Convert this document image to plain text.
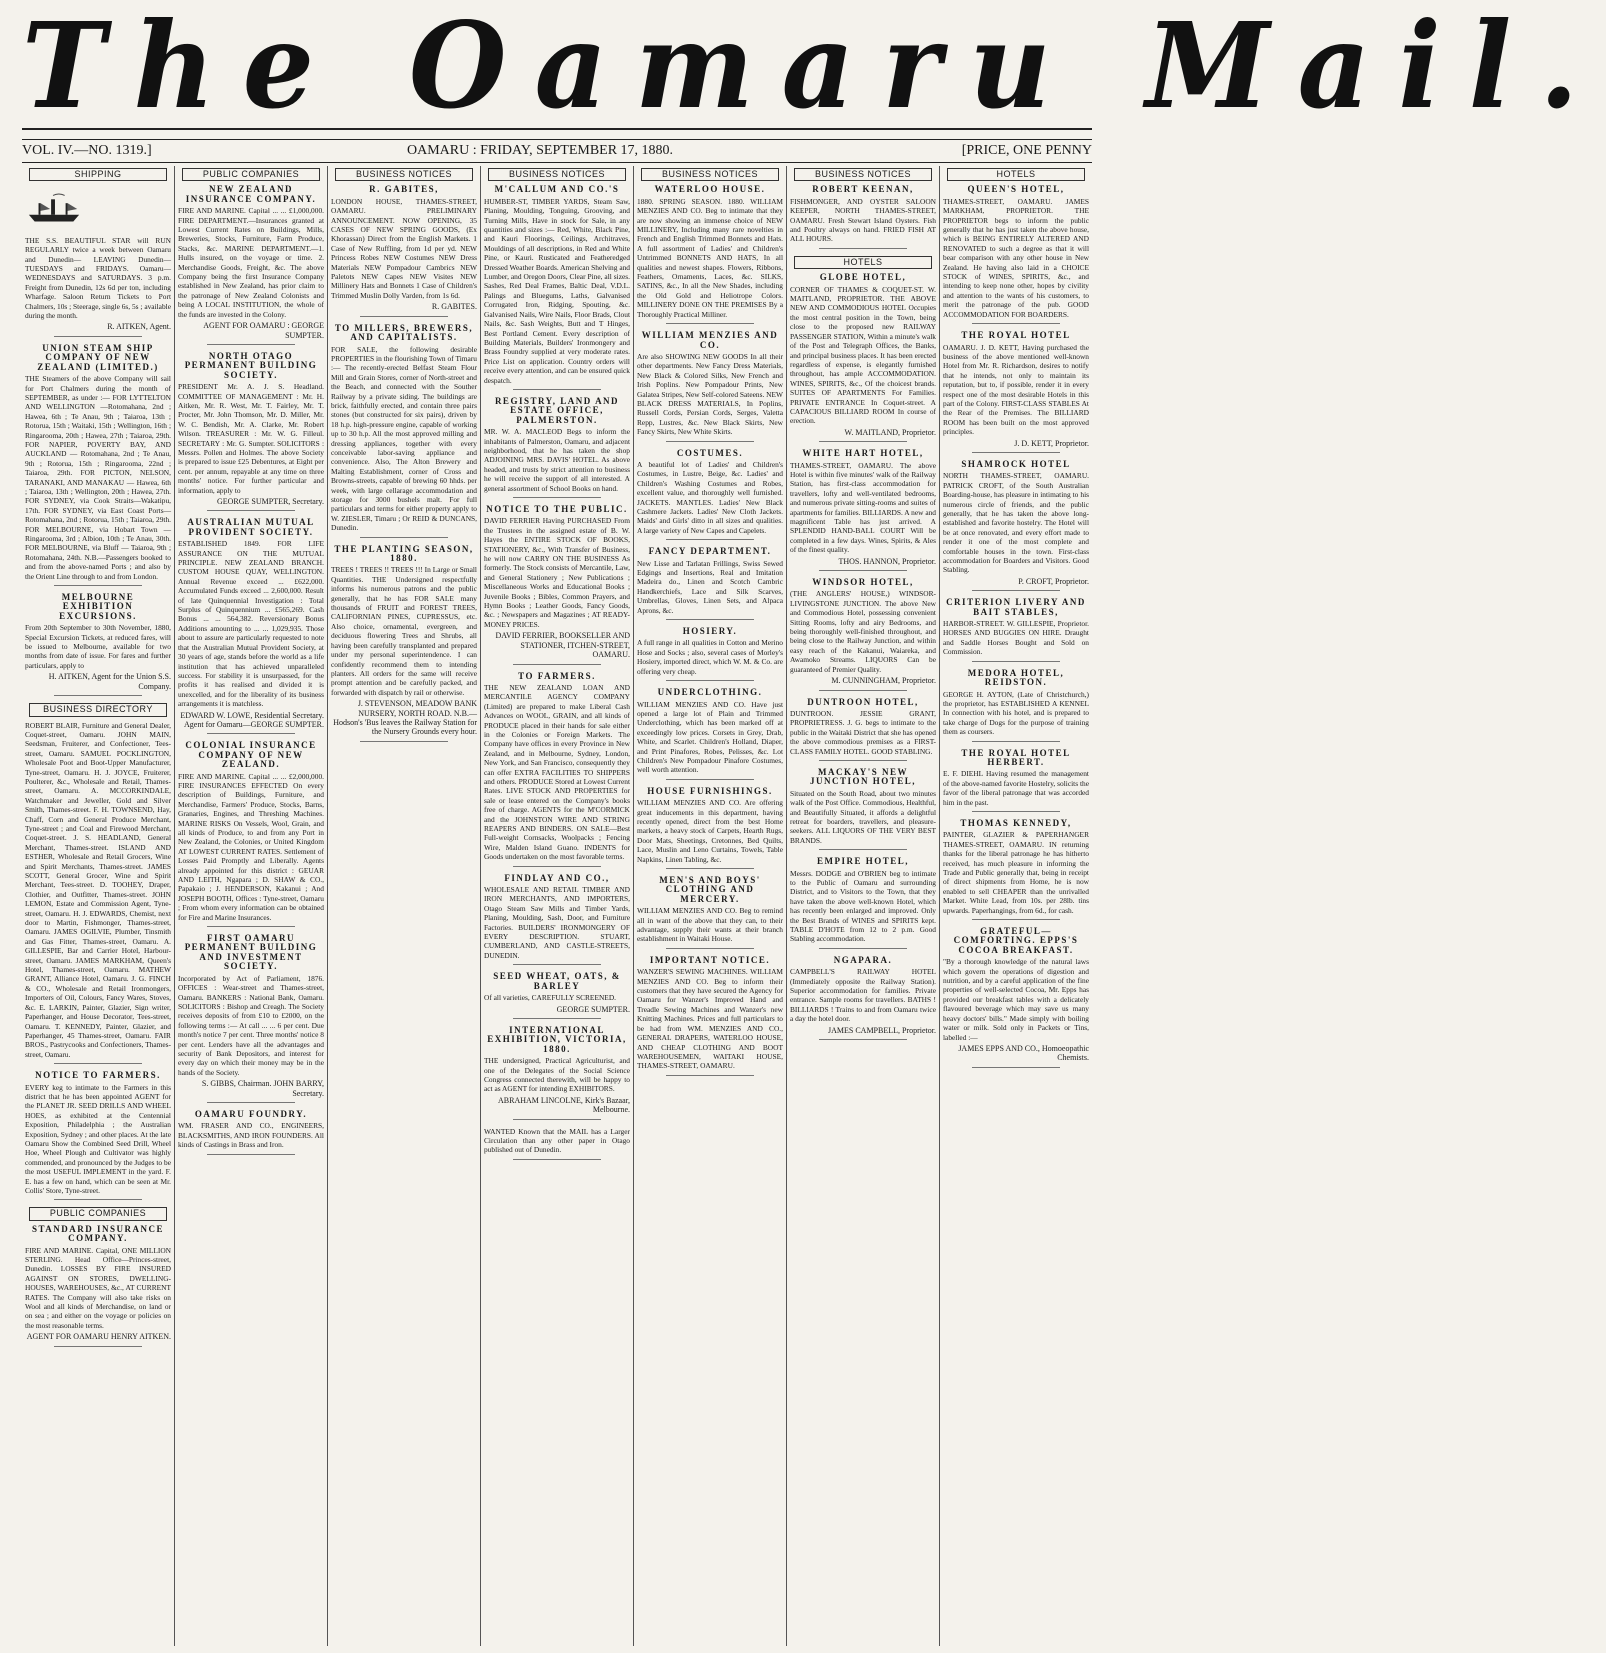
The Oamaru Mail.
VOL. IV.—NO. 1319.]	OAMARU : FRIDAY, SEPTEMBER 17, 1880.	[PRICE, ONE PENNY
SHIPPING
THE S.S. BEAUTIFUL STAR will RUN REGULARLY twice a week between Oamaru and Dunedin— LEAVING Dunedin— TUESDAYS and FRIDAYS. Oamaru— WEDNESDAYS and SATURDAYS. 3 p.m. Freight from Dunedin, 12s 6d per ton, including Wharfage. Saloon Return Tickets to Port Chalmers, 10s ; Steerage, single 6s, 5s ; available during the month.
R. AITKEN, Agent.
UNION STEAM SHIP COMPANY OF NEW ZEALAND (LIMITED.)
THE Steamers of the above Company will sail for Port Chalmers during the month of SEPTEMBER, as under :— FOR LYTTELTON AND WELLINGTON —Rotomahana, 2nd ; Hawea, 6th ; Te Anau, 9th ; Taiaroa, 13th ; Rotorua, 15th ; Waitaki, 15th ; Wellington, 16th ; Ringarooma, 20th ; Hawea, 27th ; Taiaroa, 29th. FOR NAPIER, POVERTY BAY, AND AUCKLAND — Rotomahana, 2nd ; Te Anau, 9th ; Rotorua, 15th ; Ringarooma, 22nd ; Taiaroa, 29th. FOR PICTON, NELSON, TARANAKI, AND MANAKAU — Hawea, 6th ; Taiaroa, 13th ; Wellington, 20th ; Hawea, 27th. FOR SYDNEY, via Cook Straits—Wakatipu, 17th. FOR SYDNEY, via East Coast Ports—Rotomahana, 2nd ; Rotorua, 15th ; Taiaroa, 29th. FOR MELBOURNE, via Hobart Town — Ringarooma, 3rd ; Albion, 10th ; Te Anau, 30th. FOR MELBOURNE, via Bluff — Taiaroa, 9th ; Rotomahana, 24th. N.B.—Passengers booked to and from the above-named Ports ; and also by the Orient Line through to and from London.
MELBOURNE EXHIBITION EXCURSIONS.
From 20th September to 30th November, 1880, Special Excursion Tickets, at reduced fares, will be issued to Melbourne, available for two months from date of issue. For fares and further particulars, apply to
H. AITKEN, Agent for the Union S.S. Company.
BUSINESS DIRECTORY
ROBERT BLAIR, Furniture and General Dealer, Coquet-street, Oamaru. JOHN MAIN, Seedsman, Fruiterer, and Confectioner, Tees-street, Oamaru. SAMUEL POCKLINGTON, Wholesale Poot and Boot-Upper Manufacturer, Tyne-street, Oamaru. H. J. JOYCE, Fruiterer, Poulterer, &c., Wholesale and Retail, Thames-street, Oamaru. A. MCCORKINDALE, Watchmaker and Jeweller, Gold and Silver Smith, Thames-street. F. H. TOWNSEND, Hay, Chaff, Corn and General Produce Merchant, Tyne-street ; and Coal and Firewood Merchant, Coquet-street. J. S. HEADLAND, General Merchant, Thames-street. ISLAND AND ESTHER, Wholesale and Retail Grocers, Wine and Spirit Merchants, Thames-street. JAMES SCOTT, General Grocer, Wine and Spirit Merchant, Tees-street. D. TOOHEY, Draper, Clothier, and Outfitter, Thames-street. JOHN LEMON, Estate and Commission Agent, Tyne-street, Oamaru. H. J. EDWARDS, Chemist, next door to Martin, Fishmonger, Thames-street, Oamaru. JAMES OGILVIE, Plumber, Tinsmith and Gas Fitter, Thames-street, Oamaru. A. GILLESPIE, Bar and Carrier Hotel, Harbour-street, Oamaru. JAMES MARKHAM, Queen's Hotel, Thames-street, Oamaru. MATHEW GRANT, Alliance Hotel, Oamaru. J. G. FINCH & CO., Wholesale and Retail Ironmongers, Importers of Oil, Colours, Fancy Wares, Stoves, &c. E. LARKIN, Painter, Glazier, Sign writer, Paperhanger, and House Decorator, Tees-street, Oamaru. T. KENNEDY, Painter, Glazier, and Paperhanger, 45 Thames-street, Oamaru. FAIR BROS., Pastrycooks and Confectioners, Thames-street, Oamaru.
NOTICE TO FARMERS.
EVERY keg to intimate to the Farmers in this district that he has been appointed AGENT for the PLANET JR. SEED DRILLS AND WHEEL HOES, as exhibited at the Centennial Exposition, Philadelphia ; the Australian Exposition, Sydney ; and other places. At the late Oamaru Show the Combined Seed Drill, Wheel Hoe, Wheel Plough and Cultivator was highly commended, and pronounced by the Judges to be the most USEFUL IMPLEMENT in the yard. F. E. has a few on hand, which can be seen at Mr. Collis' Store, Tyne-street.
PUBLIC COMPANIES
STANDARD INSURANCE COMPANY.
FIRE AND MARINE. Capital, ONE MILLION STERLING. Head Office—Princes-street, Dunedin. LOSSES BY FIRE INSURED AGAINST ON STORES, DWELLING-HOUSES, WAREHOUSES, &c., AT CURRENT RATES. The Company will also take risks on Wool and all kinds of Merchandise, on land or on sea ; and either on the voyage or policies on the most reasonable terms.
AGENT FOR OAMARU HENRY AITKEN.
PUBLIC COMPANIES
NEW ZEALAND INSURANCE COMPANY.
FIRE AND MARINE. Capital ... ... £1,000,000. FIRE DEPARTMENT.—Insurances granted at Lowest Current Rates on Buildings, Mills, Breweries, Stocks, Furniture, Farm Produce, Stacks, &c. MARINE DEPARTMENT.—1. Hulls insured, on the voyage or time. 2. Merchandise Goods, Freight, &c. The above Company being the first Insurance Company established in New Zealand, has prior claim to the patronage of New Zealand Colonists and being A LOCAL INSTITUTION, the whole of the funds are invested in the Colony.
AGENT FOR OAMARU : GEORGE SUMPTER.
NORTH OTAGO PERMANENT BUILDING SOCIETY.
PRESIDENT Mr. A. J. S. Headland. COMMITTEE OF MANAGEMENT : Mr. H. Aitken, Mr. R. West, Mr. T. Fairley, Mr. T. Procter, Mr. John Thomson, Mr. D. Miller, Mr. W. C. Bendish, Mr. A. Clarke, Mr. Robert Wilson. TREASURER : Mr. W. G. Filleul. SECRETARY : Mr. G. Sumpter. SOLICITORS : Messrs. Pollen and Holmes. The above Society is prepared to issue £25 Debentures, at Eight per cent. per annum, repayable at any time on three months' notice. For further particular and information, apply to
GEORGE SUMPTER, Secretary.
AUSTRALIAN MUTUAL PROVIDENT SOCIETY.
ESTABLISHED 1849. FOR LIFE ASSURANCE ON THE MUTUAL PRINCIPLE. NEW ZEALAND BRANCH. CUSTOM HOUSE QUAY, WELLINGTON. Annual Revenue exceed ... £622,000. Accumulated Funds exceed ... 2,600,000. Result of late Quinquennial Investigation : Total Surplus of Quinquennium ... £565,269. Cash Bonus ... ... 564,382. Reversionary Bonus Additions amounting to ... ... 1,029,935. Those about to assure are particularly requested to note that the Australian Mutual Provident Society, at 30 years of age, stands before the world as a life institution that has achieved unparalleled success. For stability it is unsurpassed, for the profits it has realised and divided it is unexcelled, and for the liberality of its business arrangements it is matchless.
EDWARD W. LOWE, Residential Secretary. Agent for Oamaru—GEORGE SUMPTER.
COLONIAL INSURANCE COMPANY OF NEW ZEALAND.
FIRE AND MARINE. Capital ... ... £2,000,000. FIRE INSURANCES EFFECTED On every description of Buildings, Furniture, and Merchandise, Farmers' Produce, Stocks, Barns, Granaries, Engines, and Threshing Machines. MARINE RISKS On Vessels, Wool, Grain, and all kinds of Produce, to and from any Port in New Zealand, the Colonies, or United Kingdom AT LOWEST CURRENT RATES. Settlement of Losses Paid Promptly and Liberally. Agents already appointed for this district : GEUAR AND LEITH, Ngapara ; D. SHAW & CO., Papakaio ; J. HENDERSON, Kakanui ; And JOSEPH BOOTH, Offices : Tyne-street, Oamaru ; From whom every information can be obtained for Fire and Marine Insurances.
FIRST OAMARU PERMANENT BUILDING AND INVESTMENT SOCIETY.
Incorporated by Act of Parliament, 1876. OFFICES : Wear-street and Thames-street, Oamaru. BANKERS : National Bank, Oamaru. SOLICITORS : Bishop and Creagh. The Society receives deposits of from £10 to £2000, on the following terms :— At call ... ... 6 per cent. Due month's notice 7 per cent. Three months' notice 8 per cent. Lenders have all the advantages and security of Bank Depositors, and interest for every day on which their money may be in the hands of the Society.
S. GIBBS, Chairman. JOHN BARRY, Secretary.
OAMARU FOUNDRY.
WM. FRASER AND CO., ENGINEERS, BLACKSMITHS, AND IRON FOUNDERS. All kinds of Castings in Brass and Iron.
BUSINESS NOTICES
R. GABITES,
LONDON HOUSE, THAMES-STREET, OAMARU. PRELIMINARY ANNOUNCEMENT. NOW OPENING, 35 CASES OF NEW SPRING GOODS, (Ex Khorassan) Direct from the English Markets. 1 Case of New Ruffling, from 1d per yd. NEW Princess Robes NEW Costumes NEW Dress Materials NEW Pompadour Cambrics NEW Paletots NEW Capes NEW Visites NEW Millinery Hats and Bonnets 1 Case of Children's Trimmed Muslin Dolly Varden, from 1s 6d.
R. GABITES.
TO MILLERS, BREWERS, AND CAPITALISTS.
FOR SALE, the following desirable PROPERTIES in the flourishing Town of Timaru :— The recently-erected Belfast Steam Flour Mill and Grain Stores, corner of North-street and the Beach, and connected with the Souther Railway by a private siding. The buildings are brick, faithfully erected, and contain three pairs stones (but constructed for six pairs), driven by 18 h.p. high-pressure engine, capable of working up to 30 h.p. All the most approved milling and dressing appliances, together with every conceivable labor-saving appliance and convenience. Also, The Alton Brewery and Malting Establishment, corner of Cross and Browns-streets, capable of brewing 60 hhds. per week, with large cellarage accommodation and storage for 3000 bushels malt. For full particulars and terms for either property apply to W. ZIESLER, Timaru ; Or REID & DUNCANS, Dunedin.
THE PLANTING SEASON, 1880.
TREES ! TREES !! TREES !!! In Large or Small Quantities. THE Undersigned respectfully informs his numerous patrons and the public generally, that he has FOR SALE many thousands of FRUIT and FOREST TREES, CALIFORNIAN PINES, CUPRESSUS, etc. Also choice, ornamental, evergreen, and deciduous flowering Trees and Shrubs, all having been carefully transplanted and prepared under my personal superintendence. I can confidently recommend them to intending planters. All orders for the same will receive prompt attention and be carefully packed, and forwarded with dispatch by rail or otherwise.
J. STEVENSON, MEADOW BANK NURSERY, NORTH ROAD. N.B.—Hodson's 'Bus leaves the Railway Station for the Nursery Grounds every hour.
BUSINESS NOTICES
M'CALLUM AND CO.'S
HUMBER-ST, TIMBER YARDS, Steam Saw, Planing, Moulding, Tonguing, Grooving, and Turning Mills, Have in stock for Sale, in any quantities and sizes :— Red, White, Black Pine, and Kauri Floorings, Ceilings, Architraves, Mouldings of all descriptions, in Red and White Pine, or Kauri. Rusticated and Featheredged Dressed Weather Boards. American Shelving and Lumber, and Oregon Doors, Clear Pine, all sizes. Sashes, Red Deal Frames, Baltic Deal, V.D.L. Palings and Bluegums, Laths, Galvanised Corrugated Iron, Ridging, Spouting, &c. Galvanised Nails, Wire Nails, Floor Brads, Clout Nails, &c. Sash Weights, Butt and T Hinges, Best Portland Cement. Every description of Building Materials, Builders' Ironmongery and Brass Foundry supplied at very moderate rates. Price List on application. Country orders will receive every attention, and can be ensured quick despatch.
REGISTRY, LAND AND ESTATE OFFICE, PALMERSTON.
MR. W. A. MACLEOD Begs to inform the inhabitants of Palmerston, Oamaru, and adjacent neighborhood, that he has taken the shop ADJOINING MRS. DAVIS' HOTEL. As above headed, and trusts by strict attention to business he will receive the support of all interested. A general assortment of School Books on hand.
NOTICE TO THE PUBLIC.
DAVID FERRIER Having PURCHASED From the Trustees in the assigned estate of B. W. Hayes the ENTIRE STOCK OF BOOKS, STATIONERY, &c., With Transfer of Business, he will now CARRY ON THE BUSINESS As formerly. The Stock consists of Mercantile, Law, and General Stationery ; New Publications ; Miscellaneous Works and Educational Books ; Juvenile Books ; Bibles, Common Prayers, and Hymn Books ; Leather Goods, Fancy Goods, &c. ; Newspapers and Magazines ; AT READY-MONEY PRICES.
DAVID FERRIER, BOOKSELLER AND STATIONER, ITCHEN-STREET, OAMARU.
TO FARMERS.
THE NEW ZEALAND LOAN AND MERCANTILE AGENCY COMPANY (Limited) are prepared to make Liberal Cash Advances on WOOL, GRAIN, and all kinds of PRODUCE placed in their hands for sale either in the Colonies or Foreign Markets. The Company have offices in every Province in New Zealand, and in Melbourne, Sydney, London, New York, and San Francisco, consequently they can offer EXTRA FACILITIES TO SHIPPERS and others. PRODUCE Stored at Lowest Current Rates. LIVE STOCK AND PROPERTIES for sale or lease entered on the Company's books free of charge. AGENTS for the M'CORMICK and the JOHNSTON WIRE AND STRING REAPERS AND BINDERS. ON SALE—Best Full-weight Cornsacks, Woolpacks ; Fencing Wire, Malden Island Guano. INDENTS for Goods undertaken on the most favorable terms.
FINDLAY AND CO.,
WHOLESALE AND RETAIL TIMBER AND IRON MERCHANTS, AND IMPORTERS, Otago Steam Saw Mills and Timber Yards, Planing, Moulding, Sash, Door, and Furniture Factories. BUILDERS' IRONMONGERY OF EVERY DESCRIPTION. STUART, CUMBERLAND, AND CASTLE-STREETS, DUNEDIN.
SEED WHEAT, OATS, & BARLEY
Of all varieties, CAREFULLY SCREENED.
GEORGE SUMPTER.
INTERNATIONAL EXHIBITION, VICTORIA, 1880.
THE undersigned, Practical Agriculturist, and one of the Delegates of the Social Science Congress connected therewith, will be happy to act as AGENT for intending EXHIBITORS.
ABRAHAM LINCOLNE, Kirk's Bazaar, Melbourne.
WANTED Known that the MAIL has a Larger Circulation than any other paper in Otago published out of Dunedin.
BUSINESS NOTICES
WATERLOO HOUSE.
1880. SPRING SEASON. 1880. WILLIAM MENZIES AND CO. Beg to intimate that they are now showing an immense choice of NEW MILLINERY, Including many rare novelties in French and English Trimmed Bonnets and Hats. A full assortment of Ladies' and Children's Untrimmed BONNETS AND HATS, In all qualities and newest shapes. Flowers, Ribbons, Feathers, Ornaments, Laces, &c. SILKS, SATINS, &c., In all the New Shades, including the Old Gold and Heliotrope Colors. MILLINERY DONE ON THE PREMISES By a Thoroughly Practical Milliner.
WILLIAM MENZIES AND CO.
Are also SHOWING NEW GOODS In all their other departments. New Fancy Dress Materials, New Black & Colored Silks, New French and Irish Poplins. New Pompadour Prints, New Galatea Stripes, New Self-colored Sateens. NEW BLACK DRESS MATERIALS, In Poplins, Russell Cords, Persian Cords, Serges, Valetta Repp, Lustres, &c. New Black Skirts, New Fancy Skirts, New White Skirts.
COSTUMES.
A beautiful lot of Ladies' and Children's Costumes, in Lustre, Beige, &c. Ladies' and Children's Washing Costumes and Robes, excellent value, and thoroughly well furnished. JACKETS. MANTLES. Ladies' New Black Cashmere Jackets. Ladies' New Cloth Jackets. Maids' and Girls' ditto in all sizes and qualities. A large variety of New Capes and Capelets.
FANCY DEPARTMENT.
New Lisse and Tarlatan Frillings, Swiss Sewed Edgings and Insertions, Real and Imitation Madeira do., Linen and Scotch Cambric Handkerchiefs, Lace and Silk Scarves, Umbrellas, Gloves, Linen Sets, and Alpaca Aprons, &c.
HOSIERY.
A full range in all qualities in Cotton and Merino Hose and Socks ; also, several cases of Morley's Hosiery, imported direct, which W. M. & Co. are offering very cheap.
UNDERCLOTHING.
WILLIAM MENZIES AND CO. Have just opened a large lot of Plain and Trimmed Underclothing, which has been marked off at exceedingly low prices. Corsets in Grey, Drab, White, and Scarlet. Children's Holland, Diaper, and Print Pinafores, Robes, Pelisses, &c. Lot Children's New Pompadour Pinafore Costumes, well worth attention.
HOUSE FURNISHINGS.
WILLIAM MENZIES AND CO. Are offering great inducements in this department, having recently opened, direct from the best Home markets, a heavy stock of Carpets, Hearth Rugs, Door Mats, Sheetings, Cretonnes, Bed Quilts, Lace, Muslin and Leno Curtains, Towels, Table Napkins, Linen Tabling, &c.
MEN'S AND BOYS' CLOTHING AND MERCERY.
WILLIAM MENZIES AND CO. Beg to remind all in want of the above that they can, to their advantage, supply their wants at their branch establishment in Waitaki House.
IMPORTANT NOTICE.
WANZER'S SEWING MACHINES. WILLIAM MENZIES AND CO. Beg to inform their customers that they have secured the Agency for Oamaru for Wanzer's Improved Hand and Treadle Sewing Machines and Wanzer's new Knitting Machines. Prices and full particulars to be had from WM. MENZIES AND CO., GENERAL DRAPERS, WATERLOO HOUSE, AND CHEAP CLOTHING AND BOOT WAREHOUSEMEN, WAITAKI HOUSE, THAMES-STREET, OAMARU.
BUSINESS NOTICES
ROBERT KEENAN,
FISHMONGER, AND OYSTER SALOON KEEPER, NORTH THAMES-STREET, OAMARU. Fresh Stewart Island Oysters. Fish and Poultry always on hand. FRIED FISH AT ALL HOURS.
HOTELS
GLOBE HOTEL,
CORNER OF THAMES & COQUET-ST. W. MAITLAND, PROPRIETOR. THE ABOVE NEW AND COMMODIOUS HOTEL Occupies the most central position in the Town, being close to the proposed new RAILWAY PASSENGER STATION, Within a minute's walk of the Post and Telegraph Offices, the Banks, and principal business places. It has been erected regardless of expense, is elegantly furnished throughout, has ample ACCOMMODATION. WINES, SPIRITS, &c., Of the choicest brands. SUITES OF APARTMENTS For Families. PRIVATE ENTRANCE In Coquet-street. A CAPACIOUS BILLIARD ROOM In course of erection.
W. MAITLAND, Proprietor.
WHITE HART HOTEL,
THAMES-STREET, OAMARU. The above Hotel is within five minutes' walk of the Railway Station, has first-class accommodation for travellers, lofty and well-ventilated bedrooms, and numerous private sitting-rooms and suites of apartments for families. BILLIARDS. A new and magnificent Table has just arrived. A SPLENDID HAND-BALL COURT Will be completed in a few days. Wines, Spirits, & Ales of the finest quality.
THOS. HANNON, Proprietor.
WINDSOR HOTEL,
(THE ANGLERS' HOUSE,) WINDSOR-LIVINGSTONE JUNCTION. The above New and Commodious Hotel, possessing convenient Sitting Rooms, lofty and airy Bedrooms, and being thoroughly well-finished throughout, and being close to the Railway Junction, and within easy reach of the Kakanui, Waiareka, and Awamoko Streams. LIQUORS Can be guaranteed of Premier Quality.
M. CUNNINGHAM, Proprietor.
DUNTROON HOTEL,
DUNTROON. JESSIE GRANT, PROPRIETRESS. J. G. begs to intimate to the public in the Waitaki District that she has opened the above commodious premises as a FIRST-CLASS FAMILY HOTEL. GOOD STABLING.
MACKAY'S NEW JUNCTION HOTEL,
Situated on the South Road, about two minutes walk of the Post Office. Commodious, Healthful, and Beautifully Situated, it affords a delightful retreat for boarders, travellers, and pleasure-seekers. ALL LIQUORS OF THE VERY BEST BRANDS.
EMPIRE HOTEL,
Messrs. DODGE and O'BRIEN beg to intimate to the Public of Oamaru and surrounding District, and to Visitors to the Town, that they have taken the above well-known Hotel, which has recently been enlarged and improved. Only the Best Brands of WINES and SPIRITS kept. TABLE D'HOTE from 12 to 2 p.m. Good Stabling accommodation.
NGAPARA.
CAMPBELL'S RAILWAY HOTEL (Immediately opposite the Railway Station). Superior accommodation for families. Private entrance. Sample rooms for travellers. BATHS ! BILLIARDS ! Trains to and from Oamaru twice a day the hotel door.
JAMES CAMPBELL, Proprietor.
HOTELS
QUEEN'S HOTEL,
THAMES-STREET, OAMARU. JAMES MARKHAM, PROPRIETOR. THE PROPRIETOR begs to inform the public generally that he has just taken the above house, which is BEING ENTIRELY ALTERED AND RENOVATED to such a degree as that it will bear comparison with any other house in New Zealand. He having also laid in a CHOICE STOCK of WINES, SPIRITS, &c., and intending to keep none other, hopes by civility and attention to the wants of his customers, to merit the patronage of the pub. GOOD ACCOMMODATION FOR BOARDERS.
THE ROYAL HOTEL
OAMARU. J. D. KETT, Having purchased the business of the above mentioned well-known Hotel from Mr. R. Richardson, desires to notify that he intends, not only to maintain its reputation, but to, if possible, render it in every respect one of the most desirable Hotels in this part of the Colony. FIRST-CLASS STABLES At the Rear of the Premises. The BILLIARD ROOM has been built on the most approved principles.
J. D. KETT, Proprietor.
SHAMROCK HOTEL
NORTH THAMES-STREET, OAMARU. PATRICK CROFT, of the South Australian Boarding-house, has pleasure in intimating to his numerous circle of friends, and the public generally, that he has taken the above long-established and favorite hostelry. The Hotel will be at once renovated, and every effort made to render it one of the most complete and comfortable houses in the town. First-class accommodation for Boarders and Visitors. Good Stabling.
P. CROFT, Proprietor.
CRITERION LIVERY AND BAIT STABLES,
HARBOR-STREET. W. GILLESPIE, Proprietor. HORSES AND BUGGIES ON HIRE. Draught and Saddle Horses Bought and Sold on Commission.
MEDORA HOTEL, REIDSTON.
GEORGE H. AYTON, (Late of Christchurch,) the proprietor, has ESTABLISHED A KENNEL In connection with his hotel, and is prepared to take charge of Dogs for the purpose of training them as coursers.
THE ROYAL HOTEL HERBERT.
E. F. DIEHL Having resumed the management of the above-named favorite Hostelry, solicits the favor of the liberal patronage that was accorded him in the past.
THOMAS KENNEDY,
PAINTER, GLAZIER & PAPERHANGER THAMES-STREET, OAMARU. IN returning thanks for the liberal patronage he has hitherto received, has much pleasure in informing the Trade and Public generally that, being in receipt of direct shipments from Home, he is now enabled to sell CHEAPER than the unrivalled Market. White Lead, from 10s. per 28lb. tins upwards. Paperhangings, from 6d., for cash.
GRATEFUL—COMFORTING. EPPS'S COCOA BREAKFAST.
"By a thorough knowledge of the natural laws which govern the operations of digestion and nutrition, and by a careful application of the fine properties of well-selected Cocoa, Mr. Epps has provided our breakfast tables with a delicately flavoured beverage which may save us many heavy doctors' bills." Made simply with boiling water or milk. Sold only in Packets or Tins, labelled :—
JAMES EPPS AND CO., Homoeopathic Chemists.
